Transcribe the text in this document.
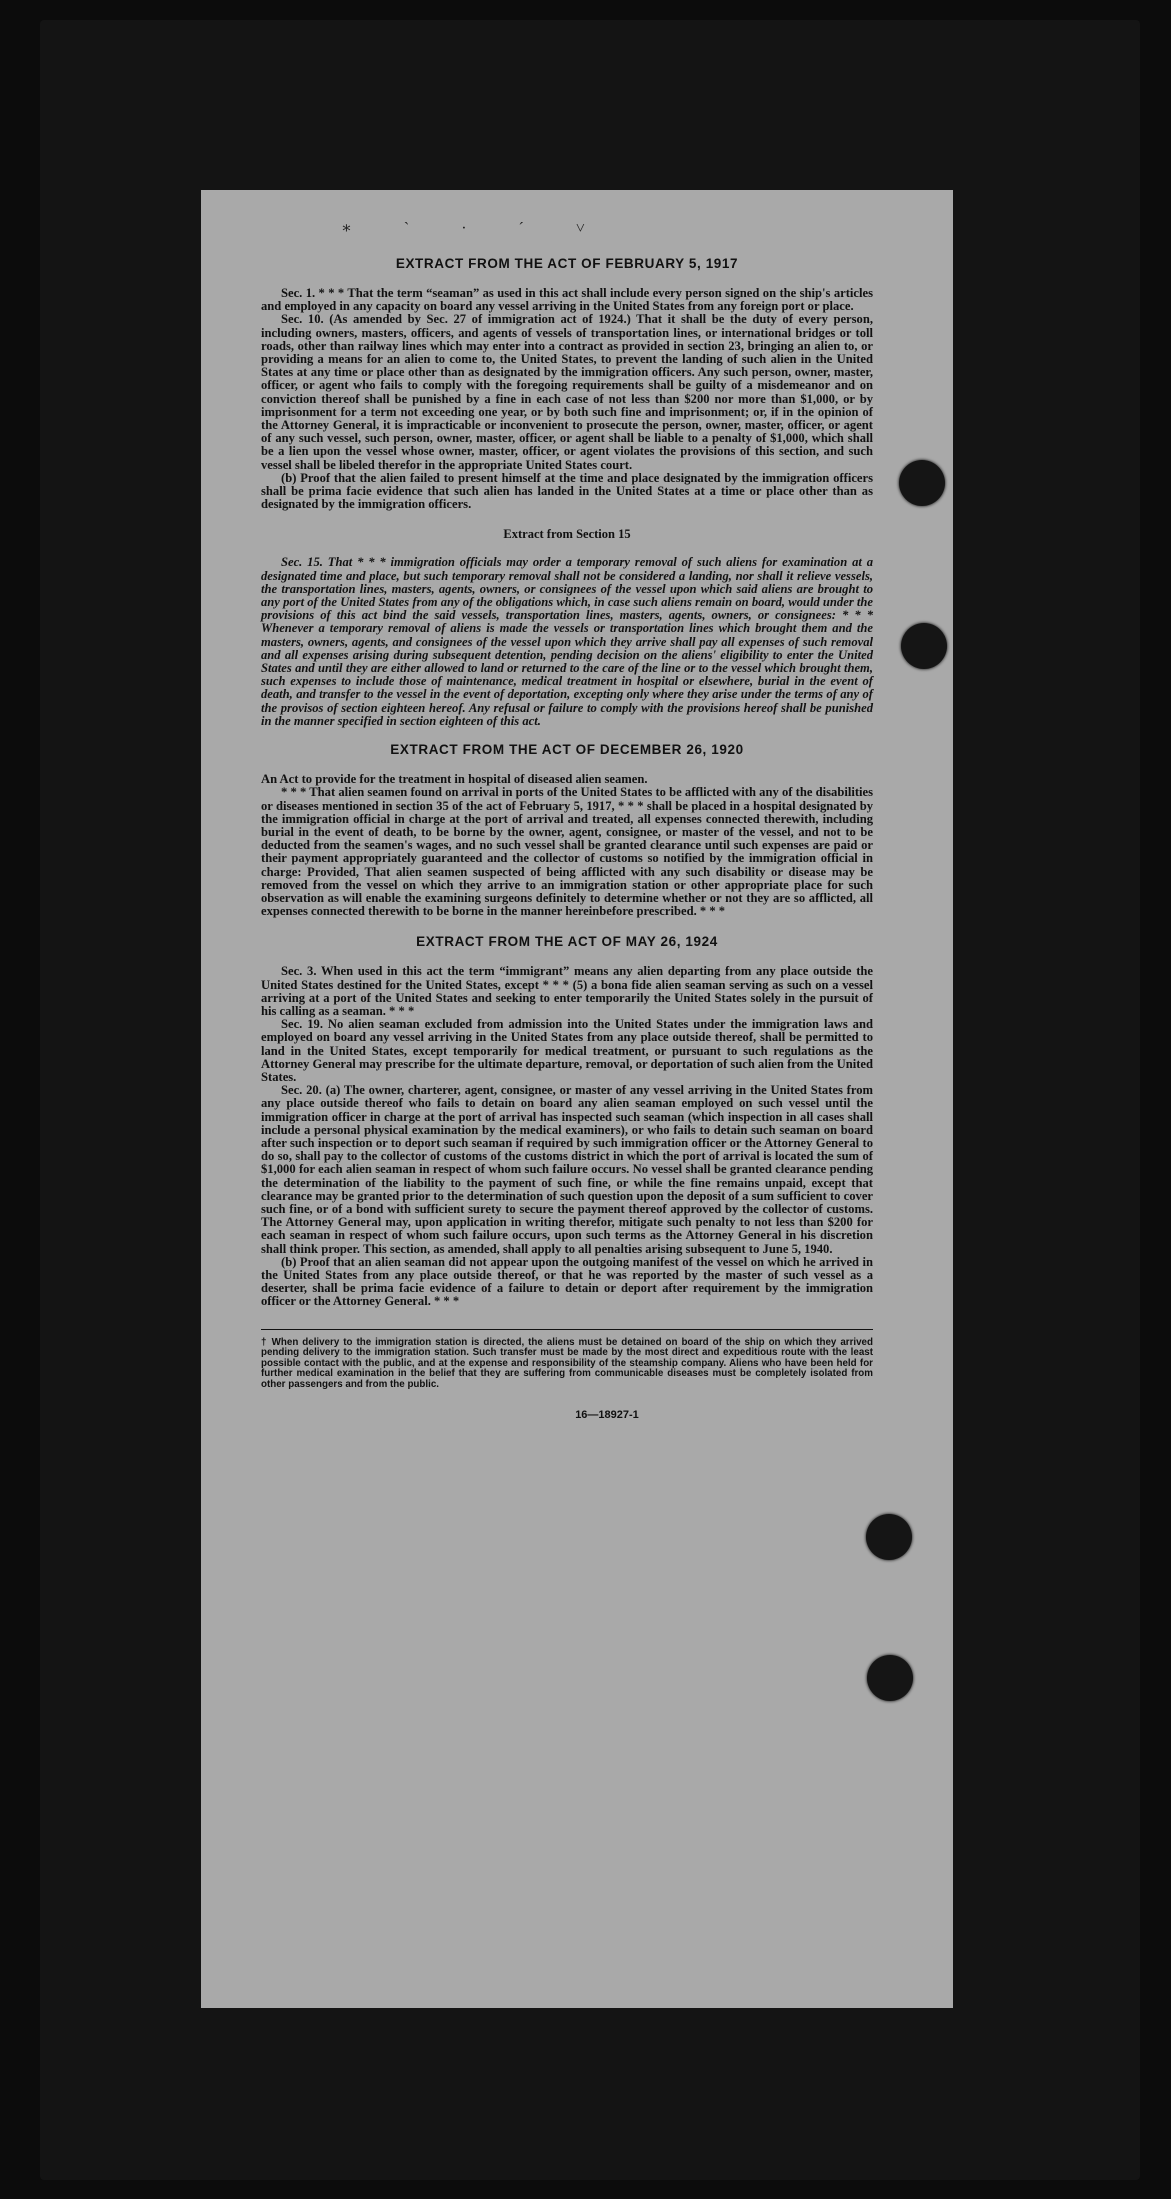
∗ ˋ · ˊ ˅
EXTRACT FROM THE ACT OF FEBRUARY 5, 1917

Sec. 1. * * * That the term “seaman” as used in this act shall include every person signed on the ship's articles and employed in any capacity on board any vessel arriving in the United States from any foreign port or place.

Sec. 10. (As amended by Sec. 27 of immigration act of 1924.) That it shall be the duty of every person, including owners, masters, officers, and agents of vessels of transportation lines, or international bridges or toll roads, other than railway lines which may enter into a contract as provided in section 23, bringing an alien to, or providing a means for an alien to come to, the United States, to prevent the landing of such alien in the United States at any time or place other than as designated by the immigration officers. Any such person, owner, master, officer, or agent who fails to comply with the foregoing requirements shall be guilty of a misdemeanor and on conviction thereof shall be punished by a fine in each case of not less than $200 nor more than $1,000, or by imprisonment for a term not exceeding one year, or by both such fine and imprisonment; or, if in the opinion of the Attorney General, it is impracticable or inconvenient to prosecute the person, owner, master, officer, or agent of any such vessel, such person, owner, master, officer, or agent shall be liable to a penalty of $1,000, which shall be a lien upon the vessel whose owner, master, officer, or agent violates the provisions of this section, and such vessel shall be libeled therefor in the appropriate United States court.

(b) Proof that the alien failed to present himself at the time and place designated by the immigration officers shall be prima facie evidence that such alien has landed in the United States at a time or place other than as designated by the immigration officers.

Extract from Section 15

Sec. 15. That * * * immigration officials may order a temporary removal of such aliens for examination at a designated time and place, but such temporary removal shall not be considered a landing, nor shall it relieve vessels, the transportation lines, masters, agents, owners, or consignees of the vessel upon which said aliens are brought to any port of the United States from any of the obligations which, in case such aliens remain on board, would under the provisions of this act bind the said vessels, transportation lines, masters, agents, owners, or consignees: * * * Whenever a temporary removal of aliens is made the vessels or transportation lines which brought them and the masters, owners, agents, and consignees of the vessel upon which they arrive shall pay all expenses of such removal and all expenses arising during subsequent detention, pending decision on the aliens' eligibility to enter the United States and until they are either allowed to land or returned to the care of the line or to the vessel which brought them, such expenses to include those of maintenance, medical treatment in hospital or elsewhere, burial in the event of death, and transfer to the vessel in the event of deportation, excepting only where they arise under the terms of any of the provisos of section eighteen hereof. Any refusal or failure to comply with the provisions hereof shall be punished in the manner specified in section eighteen of this act.

EXTRACT FROM THE ACT OF DECEMBER 26, 1920

An Act to provide for the treatment in hospital of diseased alien seamen.

* * * That alien seamen found on arrival in ports of the United States to be afflicted with any of the disabilities or diseases mentioned in section 35 of the act of February 5, 1917, * * * shall be placed in a hospital designated by the immigration official in charge at the port of arrival and treated, all expenses connected therewith, including burial in the event of death, to be borne by the owner, agent, consignee, or master of the vessel, and not to be deducted from the seamen's wages, and no such vessel shall be granted clearance until such expenses are paid or their payment appropriately guaranteed and the collector of customs so notified by the immigration official in charge: Provided, That alien seamen suspected of being afflicted with any such disability or disease may be removed from the vessel on which they arrive to an immigration station or other appropriate place for such observation as will enable the examining surgeons definitely to determine whether or not they are so afflicted, all expenses connected therewith to be borne in the manner hereinbefore prescribed. * * *

EXTRACT FROM THE ACT OF MAY 26, 1924

Sec. 3. When used in this act the term “immigrant” means any alien departing from any place outside the United States destined for the United States, except * * * (5) a bona fide alien seaman serving as such on a vessel arriving at a port of the United States and seeking to enter temporarily the United States solely in the pursuit of his calling as a seaman. * * *

Sec. 19. No alien seaman excluded from admission into the United States under the immigration laws and employed on board any vessel arriving in the United States from any place outside thereof, shall be permitted to land in the United States, except temporarily for medical treatment, or pursuant to such regulations as the Attorney General may prescribe for the ultimate departure, removal, or deportation of such alien from the United States.

Sec. 20. (a) The owner, charterer, agent, consignee, or master of any vessel arriving in the United States from any place outside thereof who fails to detain on board any alien seaman employed on such vessel until the immigration officer in charge at the port of arrival has inspected such seaman (which inspection in all cases shall include a personal physical examination by the medical examiners), or who fails to detain such seaman on board after such inspection or to deport such seaman if required by such immigration officer or the Attorney General to do so, shall pay to the collector of customs of the customs district in which the port of arrival is located the sum of $1,000 for each alien seaman in respect of whom such failure occurs. No vessel shall be granted clearance pending the determination of the liability to the payment of such fine, or while the fine remains unpaid, except that clearance may be granted prior to the determination of such question upon the deposit of a sum sufficient to cover such fine, or of a bond with sufficient surety to secure the payment thereof approved by the collector of customs. The Attorney General may, upon application in writing therefor, mitigate such penalty to not less than $200 for each seaman in respect of whom such failure occurs, upon such terms as the Attorney General in his discretion shall think proper. This section, as amended, shall apply to all penalties arising subsequent to June 5, 1940.

(b) Proof that an alien seaman did not appear upon the outgoing manifest of the vessel on which he arrived in the United States from any place outside thereof, or that he was reported by the master of such vessel as a deserter, shall be prima facie evidence of a failure to detain or deport after requirement by the immigration officer or the Attorney General. * * *

† When delivery to the immigration station is directed, the aliens must be detained on board of the ship on which they arrived pending delivery to the immigration station. Such transfer must be made by the most direct and expeditious route with the least possible contact with the public, and at the expense and responsibility of the steamship company. Aliens who have been held for further medical examination in the belief that they are suffering from communicable diseases must be completely isolated from other passengers and from the public.

16—18927-1
